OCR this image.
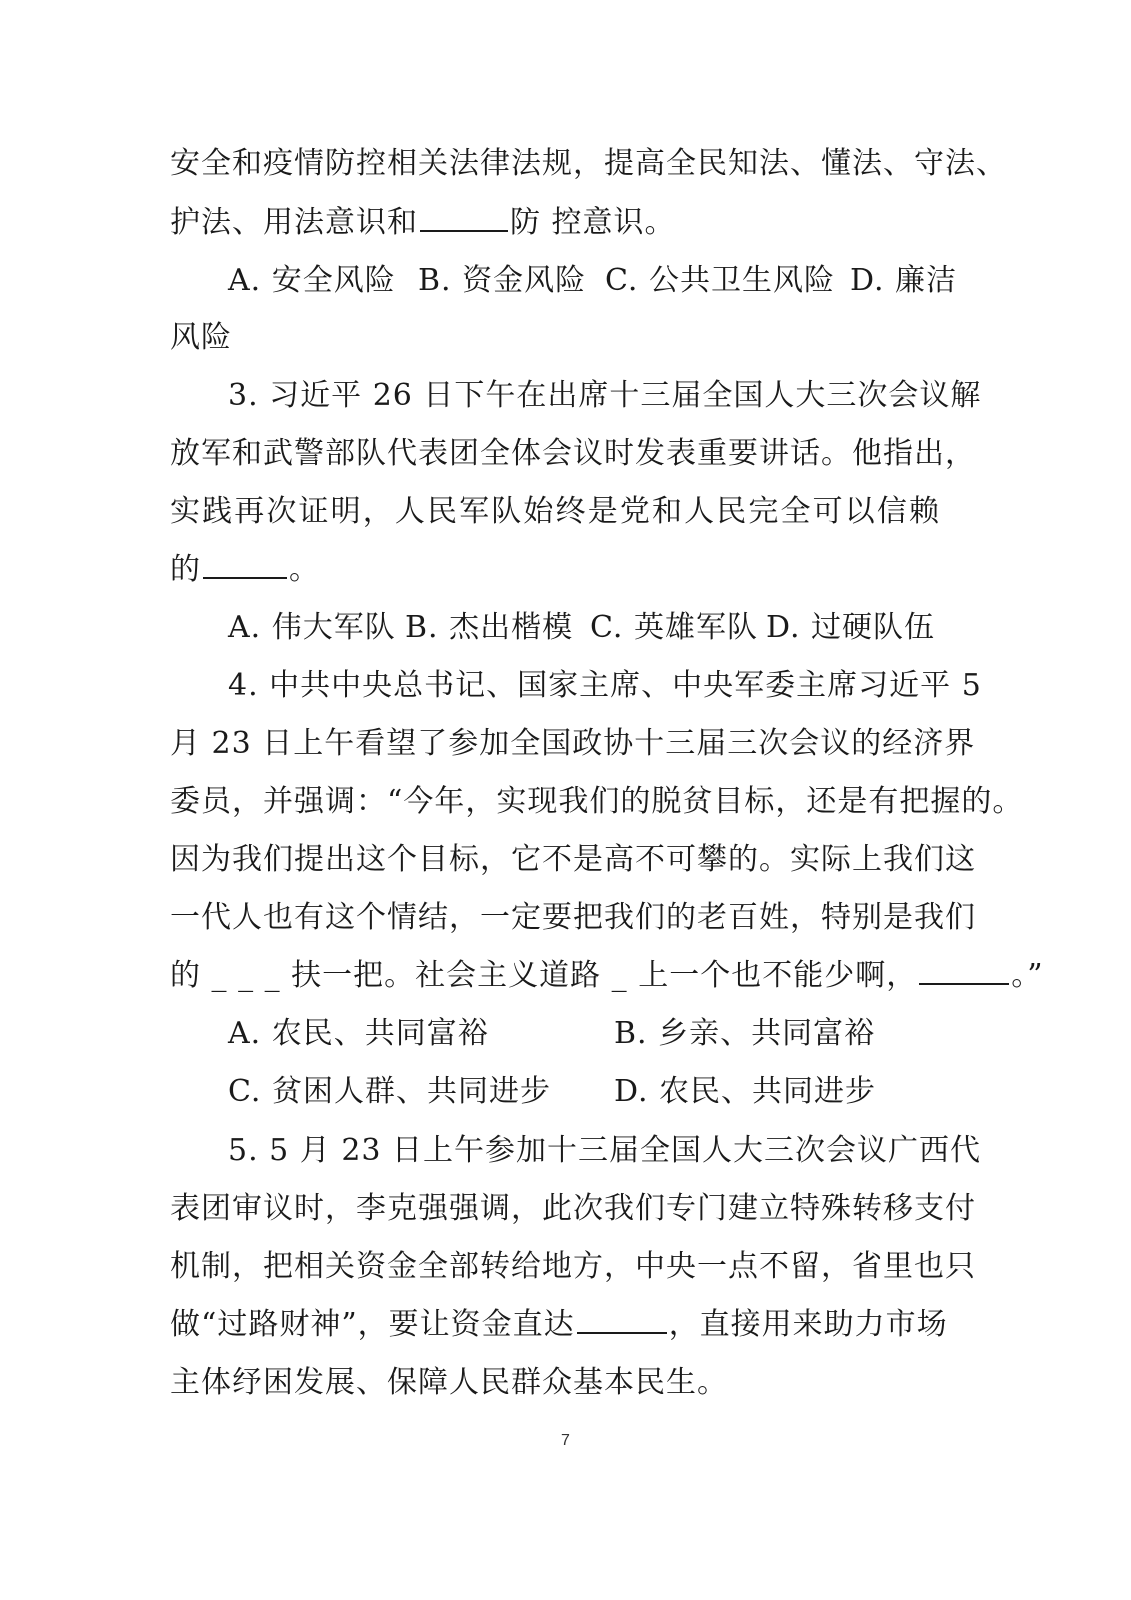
安全和疫情防控相关法律法规，提高全民知法、懂法、守法、
护法、用法意识和	防 控意识。
A. 安全风险 B. 资金风险 C. 公共卫生风险 D. 廉洁
风险
3. 习近平 26 日下午在出席十三届全国人大三次会议解
放军和武警部队代表团全体会议时发表重要讲话。他指出，
实践再次证明，人民军队始终是党和人民完全可以信赖
的	。
A. 伟大军队 B. 杰出楷模 C. 英雄军队 D. 过硬队伍
4. 中共中央总书记、国家主席、中央军委主席习近平 5
月 23 日上午看望了参加全国政协十三届三次会议的经济界
委员，并强调：“今年，实现我们的脱贫目标，还是有把握的。
因为我们提出这个目标，它不是高不可攀的。实际上我们这
一代人也有这个情结，一定要把我们的老百姓，特别是我们
的 _ _ _ 扶一把。社会主义道路 _ 上一个也不能少啊，	。”
A. 农民、共同富裕	B. 乡亲、共同富裕
C. 贫困人群、共同进步 D. 农民、共同进步
5. 5 月 23 日上午参加十三届全国人大三次会议广西代
表团审议时，李克强强调，此次我们专门建立特殊转移支付
机制，把相关资金全部转给地方，中央一点不留，省里也只
做“过路财神”，要让资金直达	，直接用来助力市场
主体纾困发展、保障人民群众基本民生。
7
